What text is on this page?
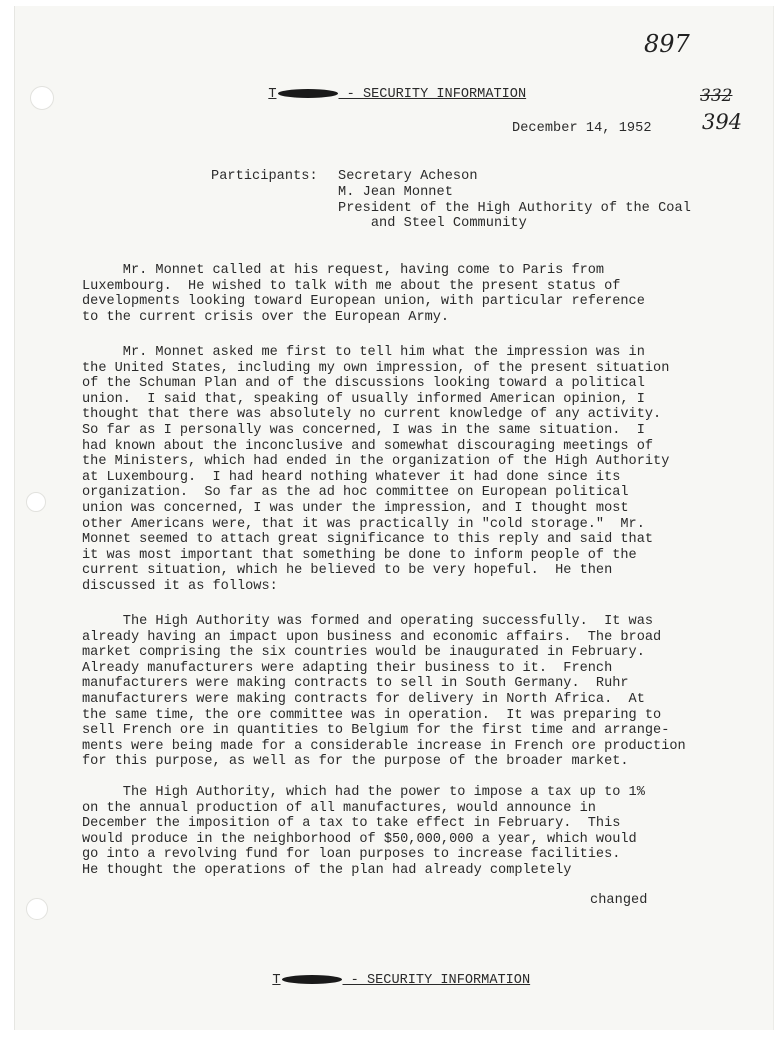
897
332
394

T	- SECURITY INFORMATION

December 14, 1952
Participants: Secretary Acheson
M. Jean Monnet
President of the High Authority of the Coal
and Steel Community
Mr. Monnet called at his request, having come to Paris from
Luxembourg.  He wished to talk with me about the present status of
developments looking toward European union, with particular reference
to the current crisis over the European Army.
Mr. Monnet asked me first to tell him what the impression was in
the United States, including my own impression, of the present situation
of the Schuman Plan and of the discussions looking toward a political
union.  I said that, speaking of usually informed American opinion, I
thought that there was absolutely no current knowledge of any activity.
So far as I personally was concerned, I was in the same situation.  I
had known about the inconclusive and somewhat discouraging meetings of
the Ministers, which had ended in the organization of the High Authority
at Luxembourg.  I had heard nothing whatever it had done since its
organization.  So far as the ad hoc committee on European political
union was concerned, I was under the impression, and I thought most
other Americans were, that it was practically in "cold storage."  Mr.
Monnet seemed to attach great significance to this reply and said that
it was most important that something be done to inform people of the
current situation, which he believed to be very hopeful.  He then
discussed it as follows:
The High Authority was formed and operating successfully.  It was
already having an impact upon business and economic affairs.  The broad
market comprising the six countries would be inaugurated in February.
Already manufacturers were adapting their business to it.  French
manufacturers were making contracts to sell in South Germany.  Ruhr
manufacturers were making contracts for delivery in North Africa.  At
the same time, the ore committee was in operation.  It was preparing to
sell French ore in quantities to Belgium for the first time and arrange-
ments were being made for a considerable increase in French ore production
for this purpose, as well as for the purpose of the broader market.
The High Authority, which had the power to impose a tax up to 1%
on the annual production of all manufactures, would announce in
December the imposition of a tax to take effect in February.  This
would produce in the neighborhood of $50,000,000 a year, which would
go into a revolving fund for loan purposes to increase facilities.
He thought the operations of the plan had already completely
changed

T	- SECURITY INFORMATION
